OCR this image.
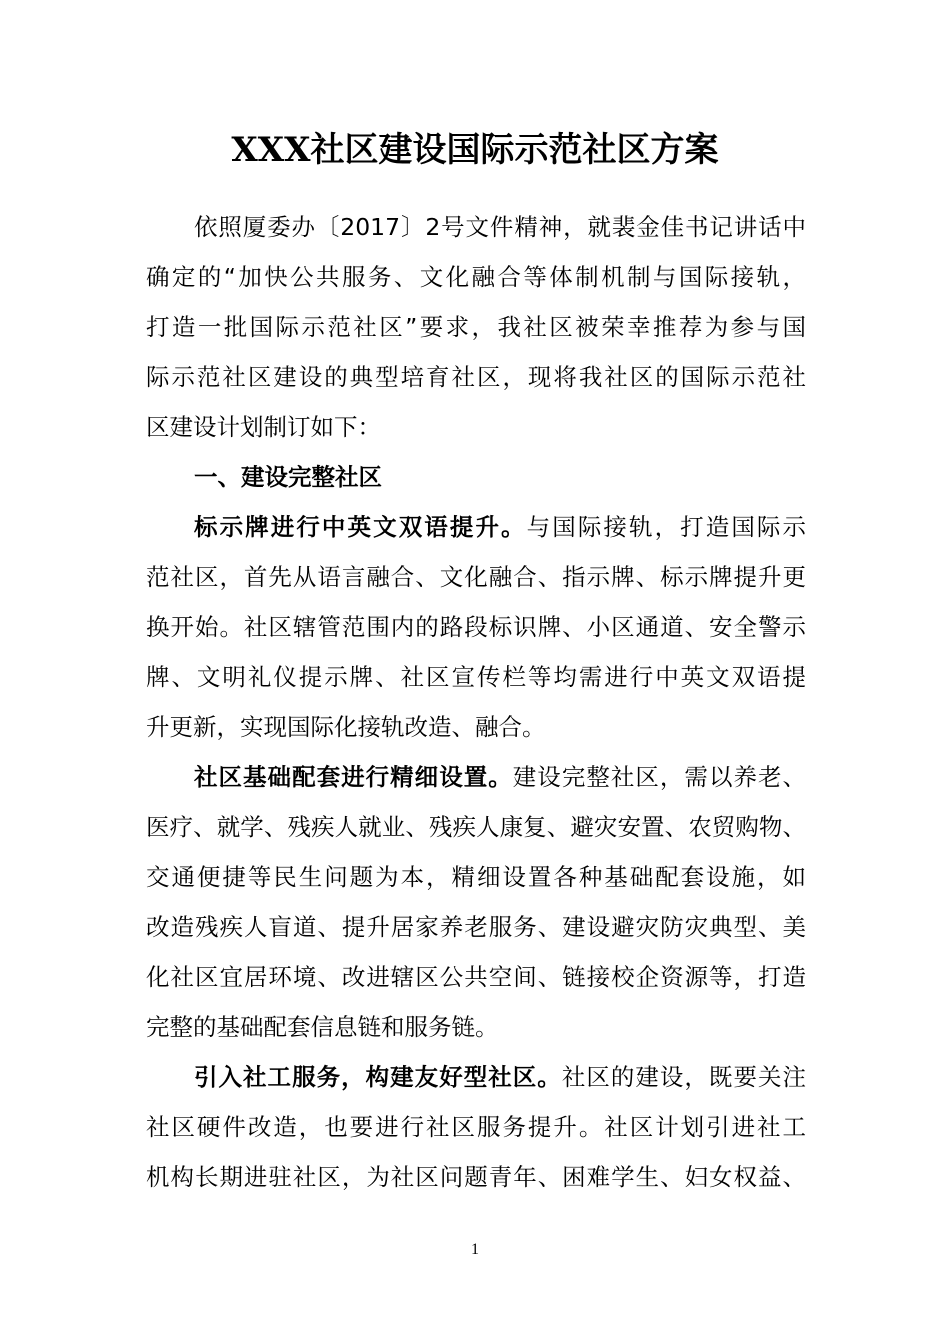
XXX社区建设国际示范社区方案
依照厦委办〔2017〕2号文件精神，就裴金佳书记讲话中
确定的“加快公共服务、文化融合等体制机制与国际接轨，
打造一批国际示范社区”要求，我社区被荣幸推荐为参与国
际示范社区建设的典型培育社区，现将我社区的国际示范社
区建设计划制订如下：
一、建设完整社区
标示牌进行中英文双语提升。与国际接轨，打造国际示
范社区，首先从语言融合、文化融合、指示牌、标示牌提升更
换开始。社区辖管范围内的路段标识牌、小区通道、安全警示
牌、文明礼仪提示牌、社区宣传栏等均需进行中英文双语提
升更新，实现国际化接轨改造、融合。
社区基础配套进行精细设置。建设完整社区，需以养老、
医疗、就学、残疾人就业、残疾人康复、避灾安置、农贸购物、
交通便捷等民生问题为本，精细设置各种基础配套设施，如
改造残疾人盲道、提升居家养老服务、建设避灾防灾典型、美
化社区宜居环境、改进辖区公共空间、链接校企资源等，打造
完整的基础配套信息链和服务链。
引入社工服务，构建友好型社区。社区的建设，既要关注
社区硬件改造，也要进行社区服务提升。社区计划引进社工
机构长期进驻社区，为社区问题青年、困难学生、妇女权益、
1
